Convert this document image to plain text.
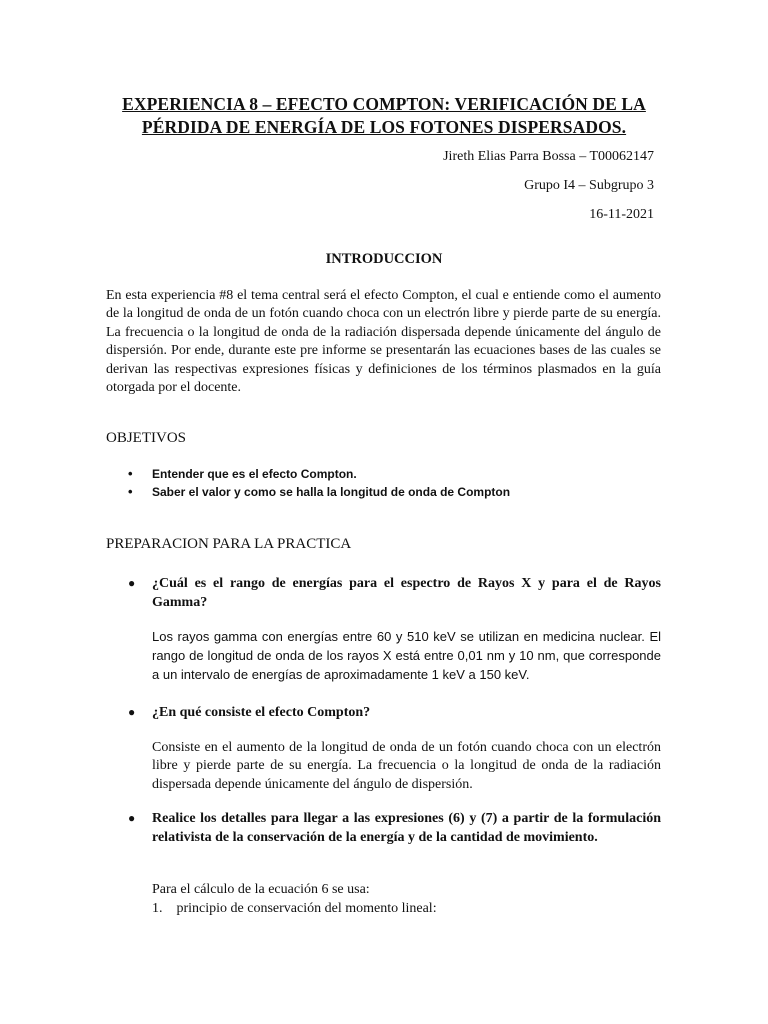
EXPERIENCIA 8 – EFECTO COMPTON: VERIFICACIÓN DE LA PÉRDIDA DE ENERGÍA DE LOS FOTONES DISPERSADOS.
Jireth Elias Parra Bossa – T00062147
Grupo I4 – Subgrupo 3
16-11-2021
INTRODUCCION

En esta experiencia #8 el tema central será el efecto Compton, el cual e entiende como el aumento de la longitud de onda de un fotón cuando choca con un electrón libre y pierde parte de su energía. La frecuencia o la longitud de onda de la radiación dispersada depende únicamente del ángulo de dispersión. Por ende, durante este pre informe se presentarán las ecuaciones bases de las cuales se derivan las respectivas expresiones físicas y definiciones de los términos plasmados en la guía otorgada por el docente.

OBJETIVOS
• Entender que es el efecto Compton.
• Saber el valor y como se halla la longitud de onda de Compton
PREPARACION PARA LA PRACTICA
● ¿Cuál es el rango de energías para el espectro de Rayos X y para el de Rayos Gamma?
Los rayos gamma con energías entre 60 y 510 keV se utilizan en medicina nuclear. El rango de longitud de onda de los rayos X está entre 0,01 nm y 10 nm, que corresponde a un intervalo de energías de aproximadamente 1 keV a 150 keV.
● ¿En qué consiste el efecto Compton?
Consiste en el aumento de la longitud de onda de un fotón cuando choca con un electrón libre y pierde parte de su energía. La frecuencia o la longitud de onda de la radiación dispersada depende únicamente del ángulo de dispersión.
● Realice los detalles para llegar a las expresiones (6) y (7) a partir de la formulación relativista de la conservación de la energía y de la cantidad de movimiento.
Para el cálculo de la ecuación 6 se usa:
1. principio de conservación del momento lineal:
